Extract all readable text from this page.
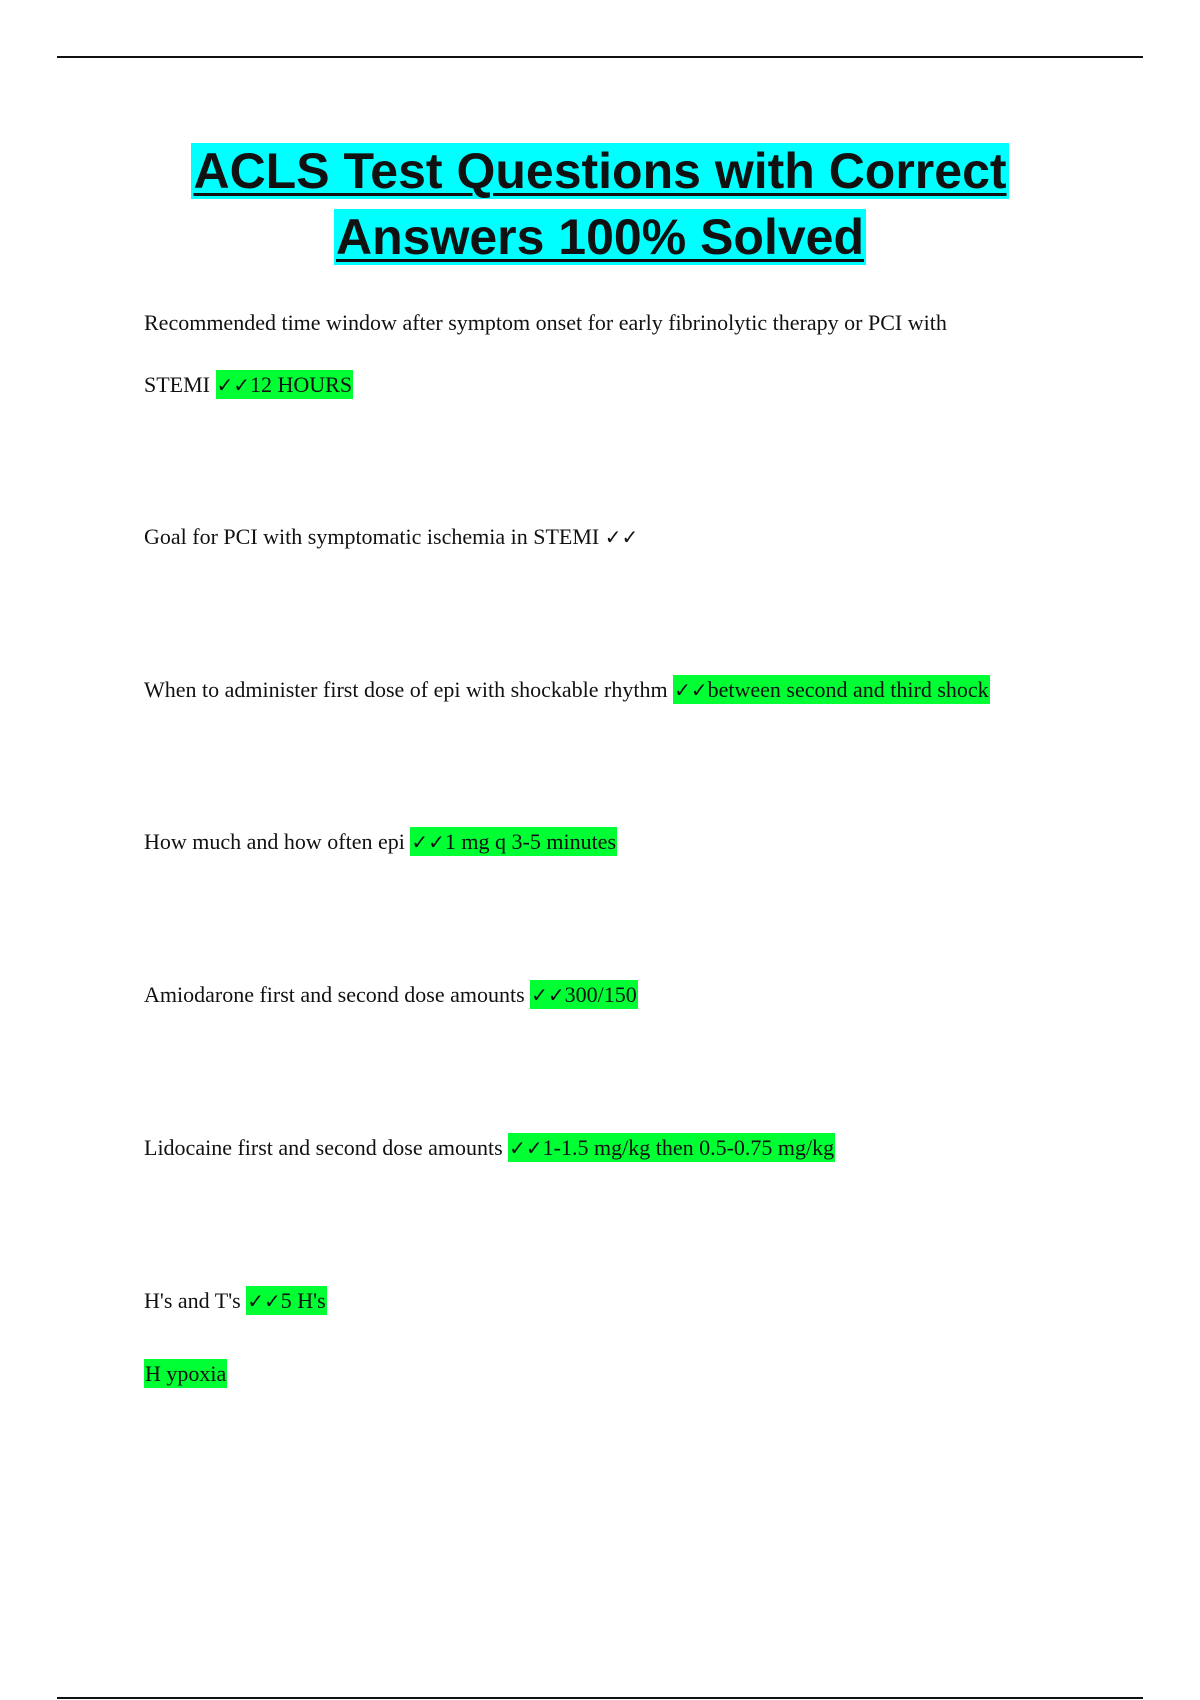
ACLS Test Questions with Correct
Answers 100% Solved
Recommended time window after symptom onset for early fibrinolytic therapy or PCI with
STEMI ✓✓12 HOURS
Goal for PCI with symptomatic ischemia in STEMI ✓✓
When to administer first dose of epi with shockable rhythm ✓✓between second and third shock
How much and how often epi ✓✓1 mg q 3-5 minutes
Amiodarone first and second dose amounts ✓✓300/150
Lidocaine first and second dose amounts ✓✓1-1.5 mg/kg then 0.5-0.75 mg/kg
H's and T's ✓✓5 H's
H ypoxia
